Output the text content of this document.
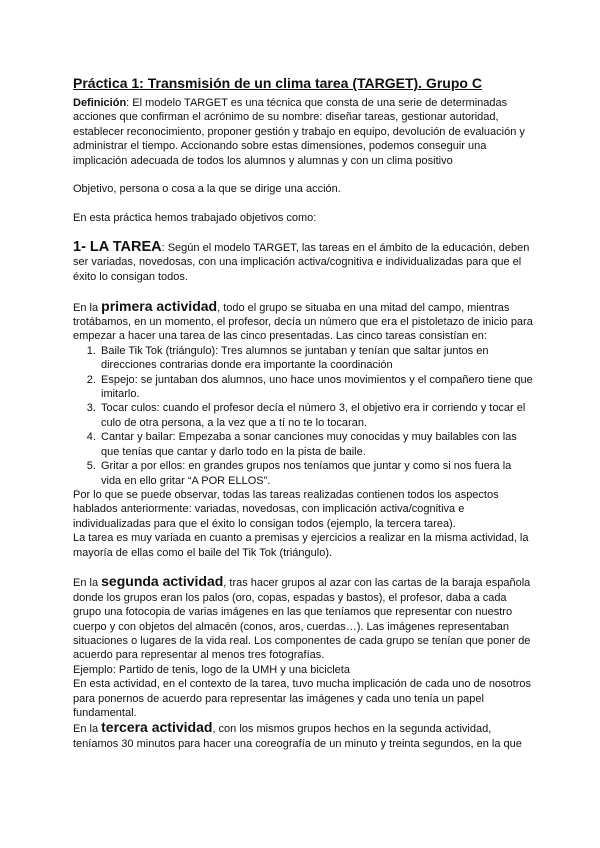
Práctica 1: Transmisión de un clima tarea (TARGET). Grupo C

Definición: El modelo TARGET es una técnica que consta de una serie de determinadas acciones que confirman el acrónimo de su nombre: diseñar tareas, gestionar autoridad, establecer reconocimiento, proponer gestión y trabajo en equipo, devolución de evaluación y administrar el tiempo. Accionando sobre estas dimensiones, podemos conseguir una implicación adecuada de todos los alumnos y alumnas y con un clima positivo

Objetivo, persona o cosa a la que se dirige una acción.

En esta práctica hemos trabajado objetivos como:

1- LA TAREA: Según el modelo TARGET, las tareas en el ámbito de la educación, deben ser variadas, novedosas, con una implicación activa/cognitiva e individualizadas para que el éxito lo consigan todos.

En la primera actividad, todo el grupo se situaba en una mitad del campo, mientras trotábamos, en un momento, el profesor, decía un número que era el pistoletazo de inicio para empezar a hacer una tarea de las cinco presentadas. Las cinco tareas consistían en:

1. Baile Tik Tok (triángulo): Tres alumnos se juntaban y tenían que saltar juntos en direcciones contrarias donde era importante la coordinación
2. Espejo: se juntaban dos alumnos, uno hace unos movimientos y el compañero tiene que imitarlo.
3. Tocar culos: cuando el profesor decía el número 3, el objetivo era ir corriendo y tocar el culo de otra persona, a la vez que a tí no te lo tocaran.
4. Cantar y bailar: Empezaba a sonar canciones muy conocidas y muy bailables con las que tenías que cantar y darlo todo en la pista de baile.
5. Gritar a por ellos: en grandes grupos nos teníamos que juntar y como si nos fuera la vida en ello gritar “A POR ELLOS”.

Por lo que se puede observar, todas las tareas realizadas contienen todos los aspectos hablados anteriormente: variadas, novedosas, con implicación activa/cognitiva e individualizadas para que el éxito lo consigan todos (ejemplo, la tercera tarea).

La tarea es muy variada en cuanto a premisas y ejercicios a realizar en la misma actividad, la mayoría de ellas como el baile del Tik Tok (triángulo).

En la segunda actividad, tras hacer grupos al azar con las cartas de la baraja española donde los grupos eran los palos (oro, copas, espadas y bastos), el profesor, daba a cada grupo una fotocopia de varias imágenes en las que teníamos que representar con nuestro cuerpo y con objetos del almacén (conos, aros, cuerdas…). Las imágenes representaban situaciones o lugares de la vida real. Los componentes de cada grupo se tenían que poner de acuerdo para representar al menos tres fotografías.

Ejemplo: Partido de tenis, logo de la UMH y una bicicleta

En esta actividad, en el contexto de la tarea, tuvo mucha implicación de cada uno de nosotros para ponernos de acuerdo para representar las imágenes y cada uno tenía un papel fundamental.

En la tercera actividad, con los mismos grupos hechos en la segunda actividad, teníamos 30 minutos para hacer una coreografía de un minuto y treinta segundos, en la que
